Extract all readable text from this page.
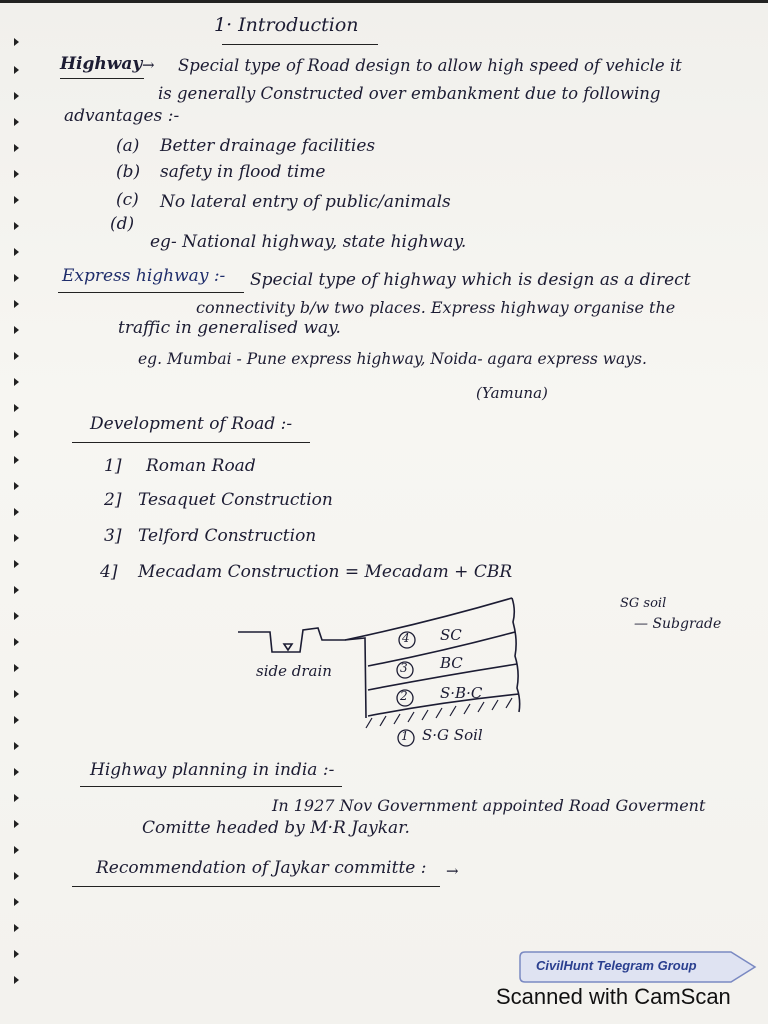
1· Introduction
Highway → Special type of Road design to allow high speed of vehicle it
is generally Constructed over embankment due to following
advantages :-
(a) Better drainage facilities
(b) safety in flood time
(c) No lateral entry of public/animals
(d)
eg- National highway, state highway.
Express highway :- Special type of highway which is design as a direct
connectivity b/w two places. Express highway organise the
traffic in generalised way.
eg. Mumbai - Pune express highway, Noida- agara express ways.
(Yamuna)
Development of Road :-
1] Roman Road
2] Tesaquet Construction
3] Telford Construction
4] Mecadam Construction = Mecadam + CBR
4 SC
3 BC
2 S·B·C
1 S·G Soil
side drain
SG soil
— Subgrade
Highway planning in india :-
In 1927 Nov Government appointed Road Goverment
Comitte headed by M·R Jaykar.
Recommendation of Jaykar committe : →
CivilHunt Telegram Group
Scanned with CamScan
